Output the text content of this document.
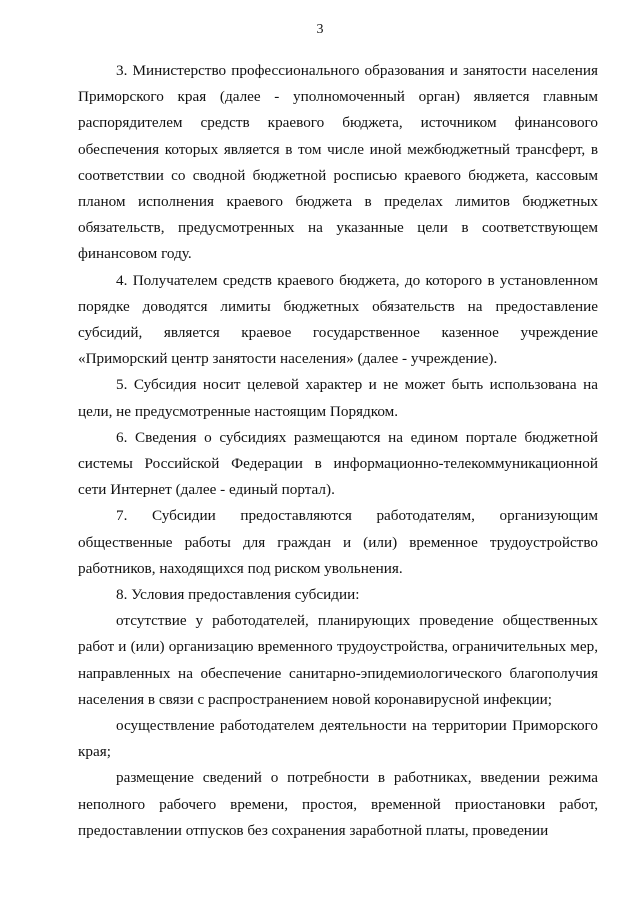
3

3. Министерство профессионального образования и занятости населения Приморского края (далее - уполномоченный орган) является главным распорядителем средств краевого бюджета, источником финансового обеспечения которых является в том числе иной межбюджетный трансферт, в соответствии со сводной бюджетной росписью краевого бюджета, кассовым планом исполнения краевого бюджета в пределах лимитов бюджетных обязательств, предусмотренных на указанные цели в соответствующем финансовом году.

4. Получателем средств краевого бюджета, до которого в установленном порядке доводятся лимиты бюджетных обязательств на предоставление субсидий, является краевое государственное казенное учреждение «Приморский центр занятости населения» (далее - учреждение).

5. Субсидия носит целевой характер и не может быть использована на цели, не предусмотренные настоящим Порядком.

6. Сведения о субсидиях размещаются на едином портале бюджетной системы Российской Федерации в информационно-телекоммуникационной сети Интернет (далее - единый портал).

7. Субсидии предоставляются работодателям, организующим общественные работы для граждан и (или) временное трудоустройство работников, находящихся под риском увольнения.

8. Условия предоставления субсидии:

отсутствие у работодателей, планирующих проведение общественных работ и (или) организацию временного трудоустройства, ограничительных мер, направленных на обеспечение санитарно-эпидемиологического благополучия населения в связи с распространением новой коронавирусной инфекции;

осуществление работодателем деятельности на территории Приморского края;

размещение сведений о потребности в работниках, введении режима неполного рабочего времени, простоя, временной приостановки работ, предоставлении отпусков без сохранения заработной платы, проведении
